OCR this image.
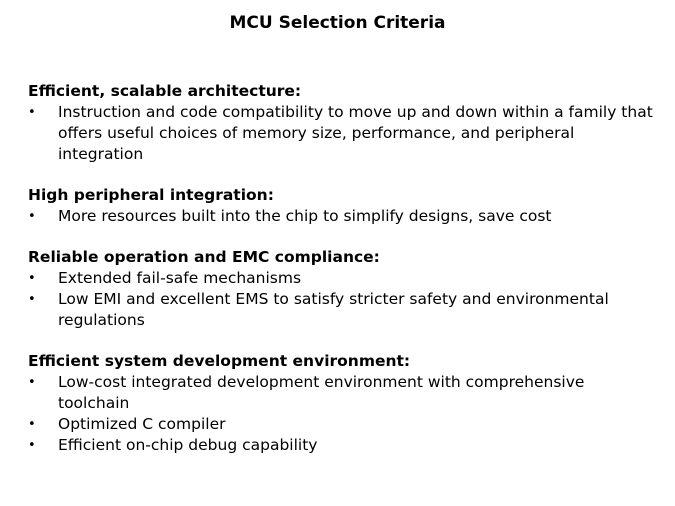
MCU Selection Criteria

Efficient, scalable architecture:

•	Instruction and code compatibility to move up and down within a family that offers useful choices of memory size, performance, and peripheral integration

High peripheral integration:

•	More resources built into the chip to simplify designs, save cost

Reliable operation and EMC compliance:

•	Extended fail-safe mechanisms
•	Low EMI and excellent EMS to satisfy stricter safety and environmental regulations

Efficient system development environment:

•	Low-cost integrated development environment with comprehensive toolchain
•	Optimized C compiler
•	Efficient on-chip debug capability
